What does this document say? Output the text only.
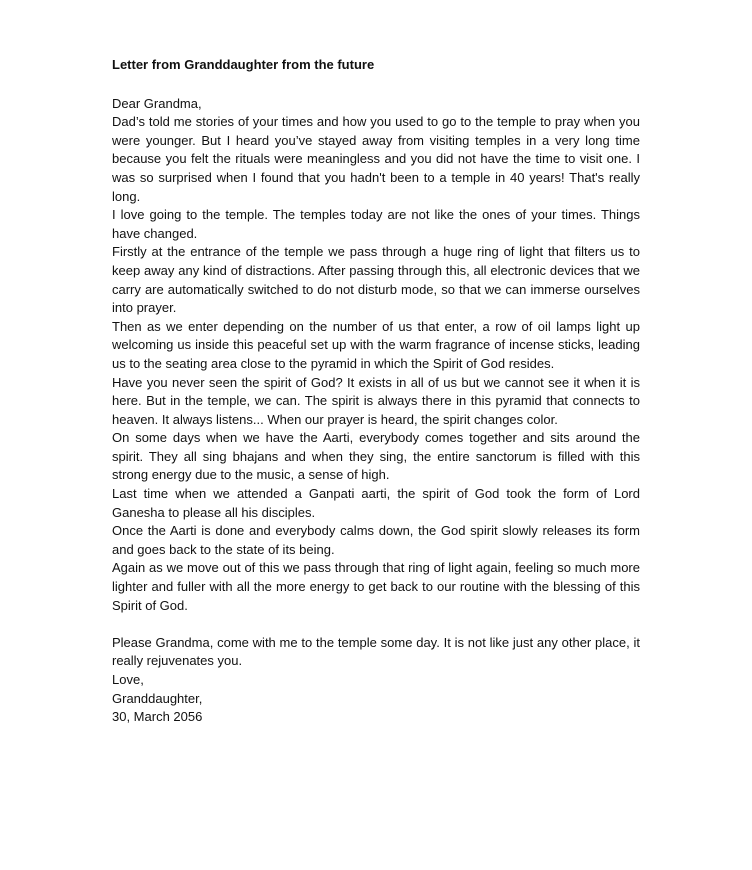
Letter from Granddaughter from the future

Dear Grandma,

Dad’s told me stories of your times and how you used to go to the temple to pray when you were younger. But I heard you’ve stayed away from visiting temples in a very long time because you felt the rituals were meaningless and you did not have the time to visit one. I was so surprised when I found that you hadn't been to a temple in 40 years! That's really long.

I love going to the temple. The temples today are not like the ones of your times. Things have changed.

Firstly at the entrance of the temple we pass through a huge ring of light that filters us to keep away any kind of distractions. After passing through this, all electronic devices that we carry are automatically switched to do not disturb mode, so that we can immerse ourselves into prayer.

Then as we enter depending on the number of us that enter, a row of oil lamps light up welcoming us inside this peaceful set up with the warm fragrance of incense sticks, leading us to the seating area close to the pyramid in which the Spirit of God resides.

Have you never seen the spirit of God? It exists in all of us but we cannot see it when it is here. But in the temple, we can. The spirit is always there in this pyramid that connects to heaven. It always listens... When our prayer is heard, the spirit changes color.

On some days when we have the Aarti, everybody comes together and sits around the spirit. They all sing bhajans and when they sing, the entire sanctorum is filled with this strong energy due to the music, a sense of high.

Last time when we attended a Ganpati aarti, the spirit of God took the form of Lord Ganesha to please all his disciples.

Once the Aarti is done and everybody calms down, the God spirit slowly releases its form and goes back to the state of its being.

Again as we move out of this we pass through that ring of light again, feeling so much more lighter and fuller with all the more energy to get back to our routine with the blessing of this Spirit of God.

Please Grandma, come with me to the temple some day. It is not like just any other place, it really rejuvenates you.

Love,

Granddaughter,

30, March 2056
